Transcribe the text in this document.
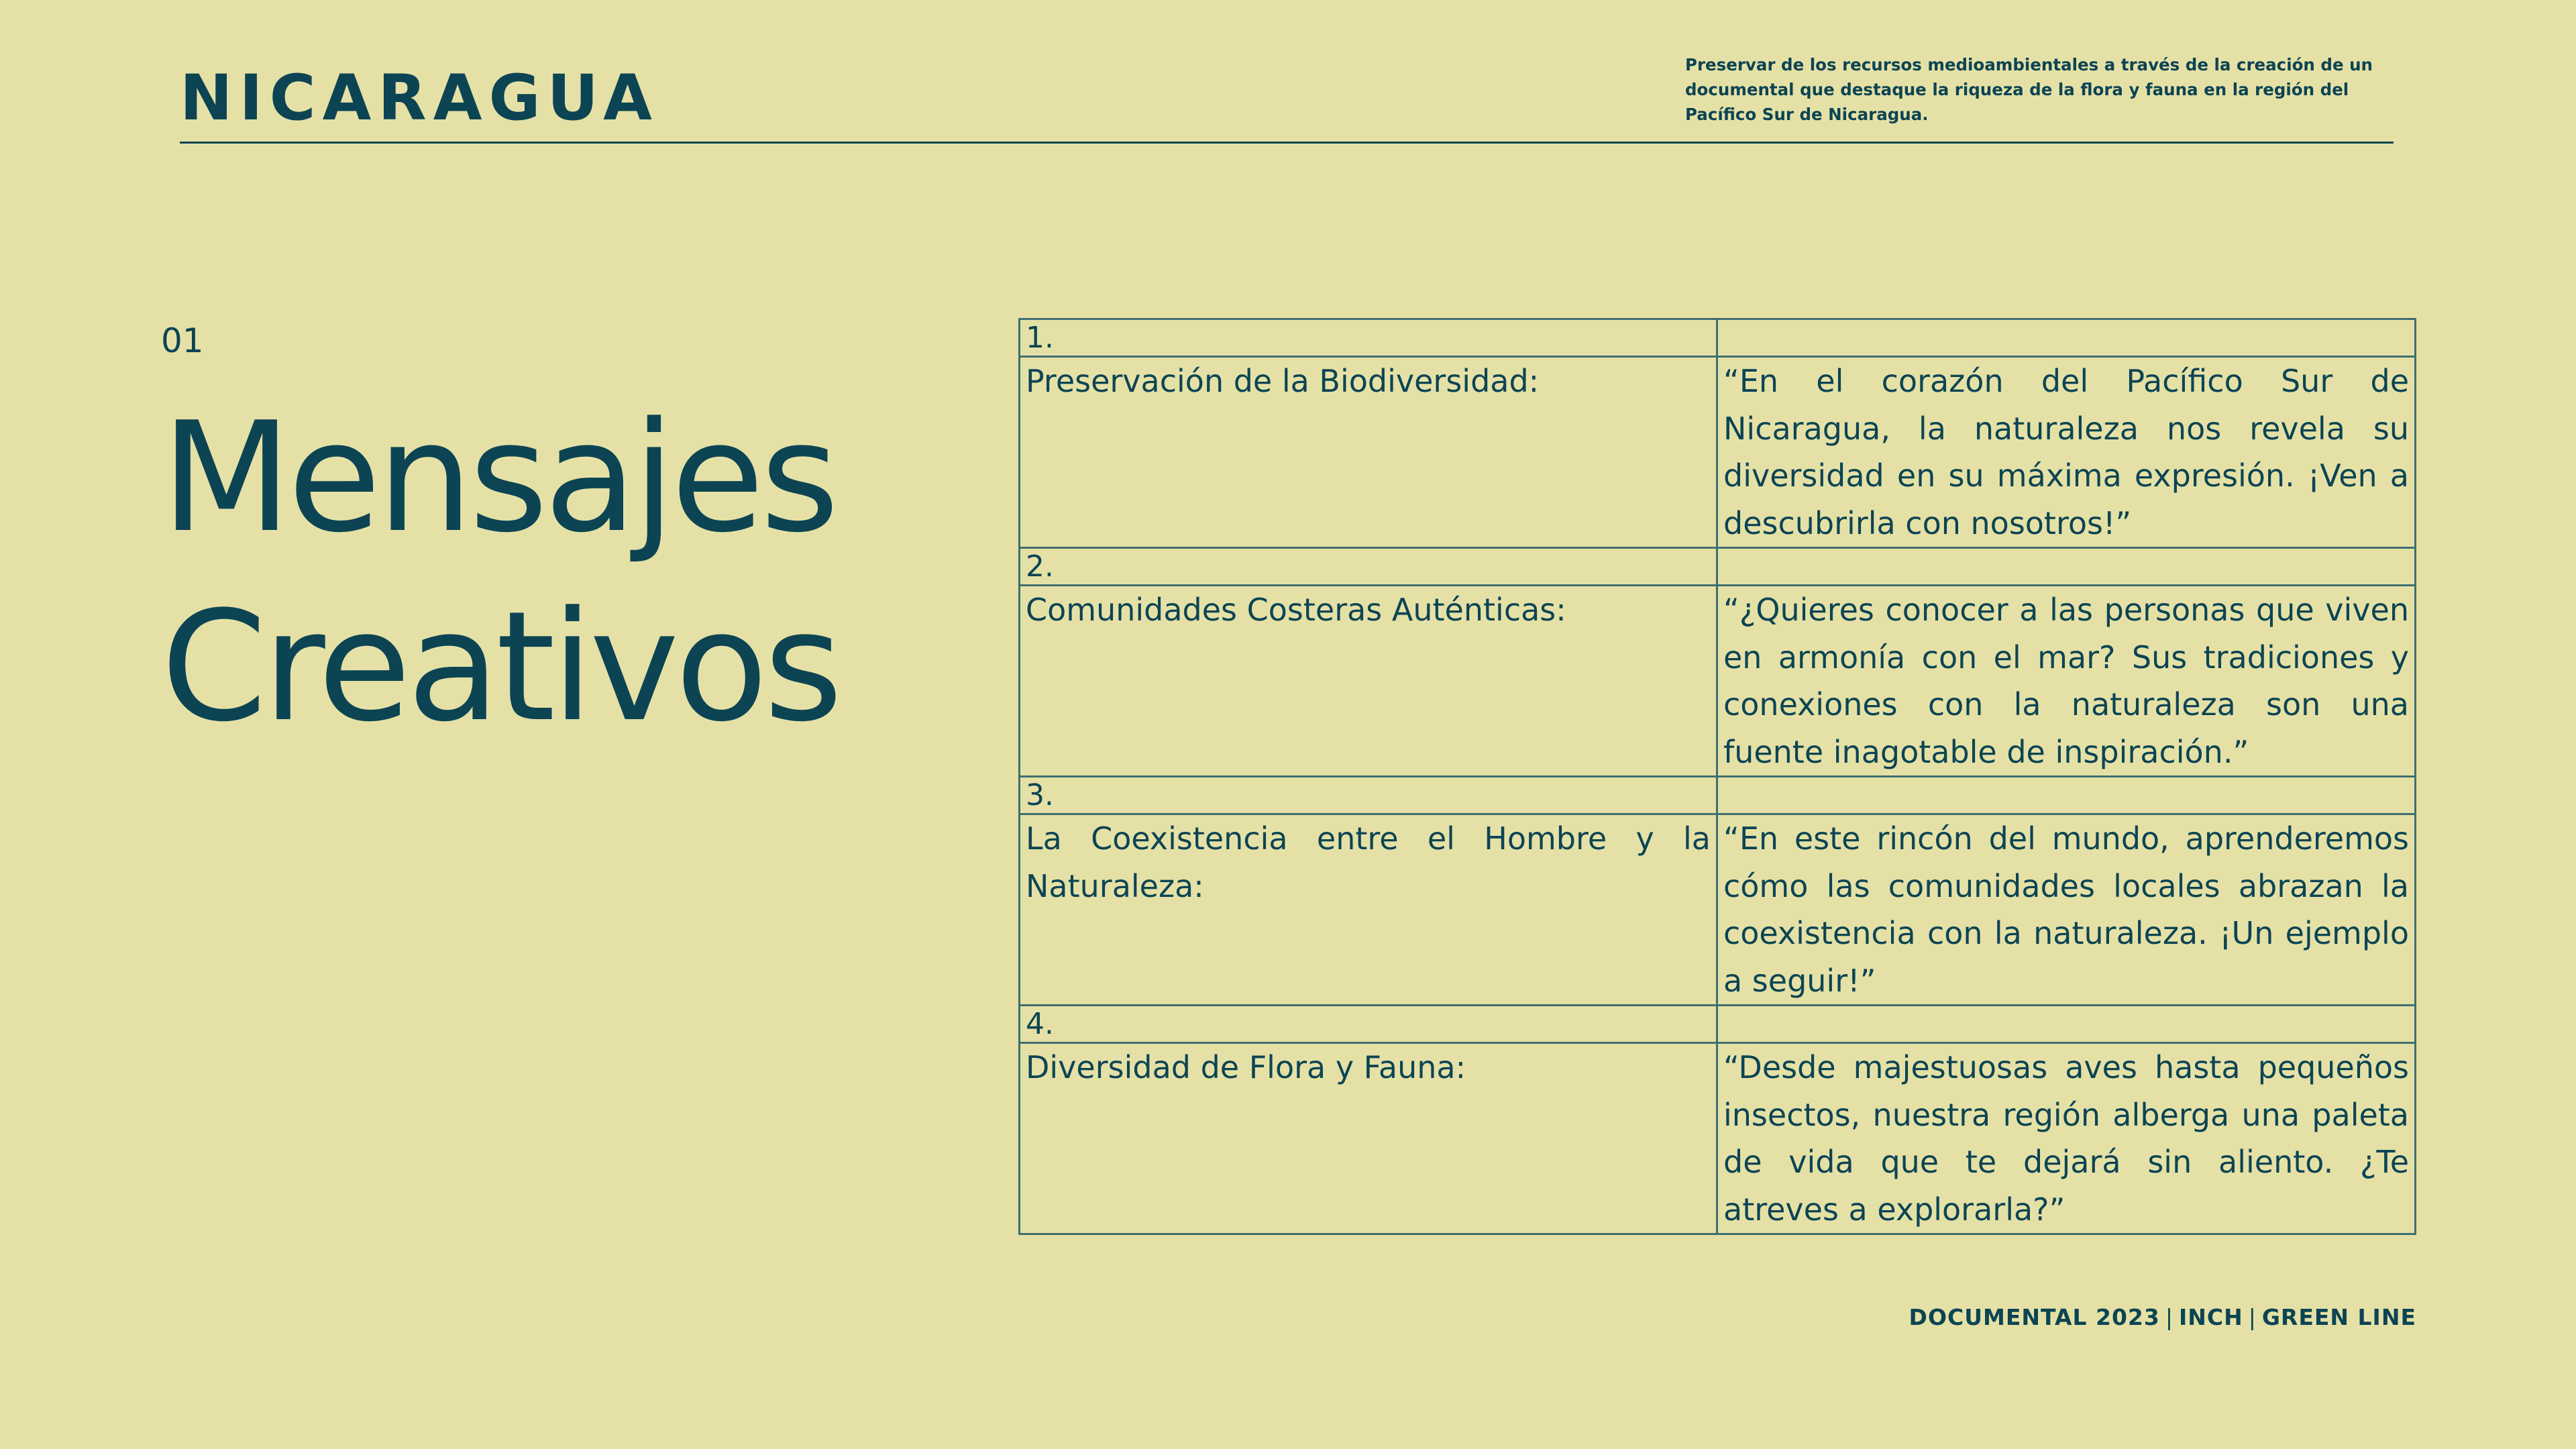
NICARAGUA	Preservar de los recursos medioambientales a través de la creación de un
documental que destaque la riqueza de la flora y fauna en la región del
Pacífico Sur de Nicaragua.
01
Mensajes
Creativos
1.	
Preservación de la Biodiversidad:	“En el corazón del Pacífico Sur de Nicaragua, la naturaleza nos revela su diversidad en su máxima expresión. ¡Ven a descubrirla con nosotros!”
2.	
Comunidades Costeras Auténticas:	“¿Quieres conocer a las personas que viven en armonía con el mar? Sus tradiciones y conexiones con la naturaleza son una fuente inagotable de inspiración.”
3.	
La Coexistencia entre el Hombre y la Naturaleza:	“En este rincón del mundo, aprenderemos cómo las comunidades locales abrazan la coexistencia con la naturaleza. ¡Un ejemplo a seguir!”
4.	
Diversidad de Flora y Fauna:	“Desde majestuosas aves hasta pequeños insectos, nuestra región alberga una paleta de vida que te dejará sin aliento. ¿Te atreves a explorarla?”
DOCUMENTAL 2023 | INCH | GREEN LINE
